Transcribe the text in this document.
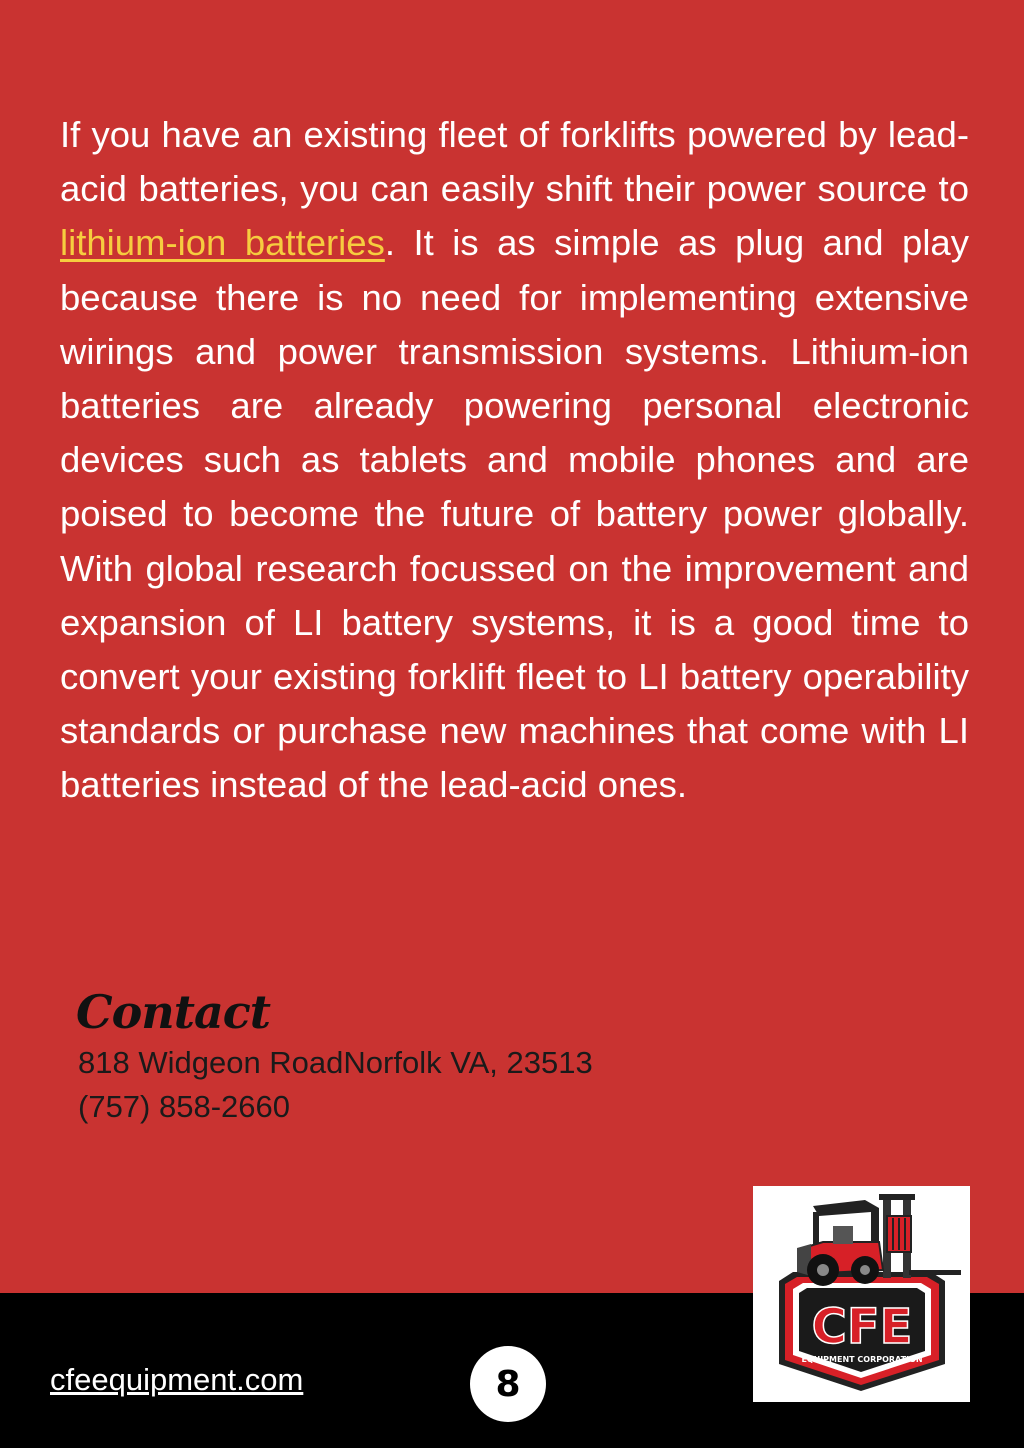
If you have an existing fleet of forklifts powered by lead-acid batteries, you can easily shift their power source to lithium-ion batteries. It is as simple as plug and play because there is no need for implementing extensive wirings and power transmission systems. Lithium-ion batteries are already powering personal electronic devices such as tablets and mobile phones and are poised to become the future of battery power globally. With global research focussed on the improvement and expansion of LI battery systems, it is a good time to convert your existing forklift fleet to LI battery operability standards or purchase new machines that come with LI batteries instead of the lead-acid ones.

Contact
818 Widgeon RoadNorfolk VA, 23513
(757) 858-2660
cfeequipment.com	8
CFE
EQUIPMENT CORPORATION
